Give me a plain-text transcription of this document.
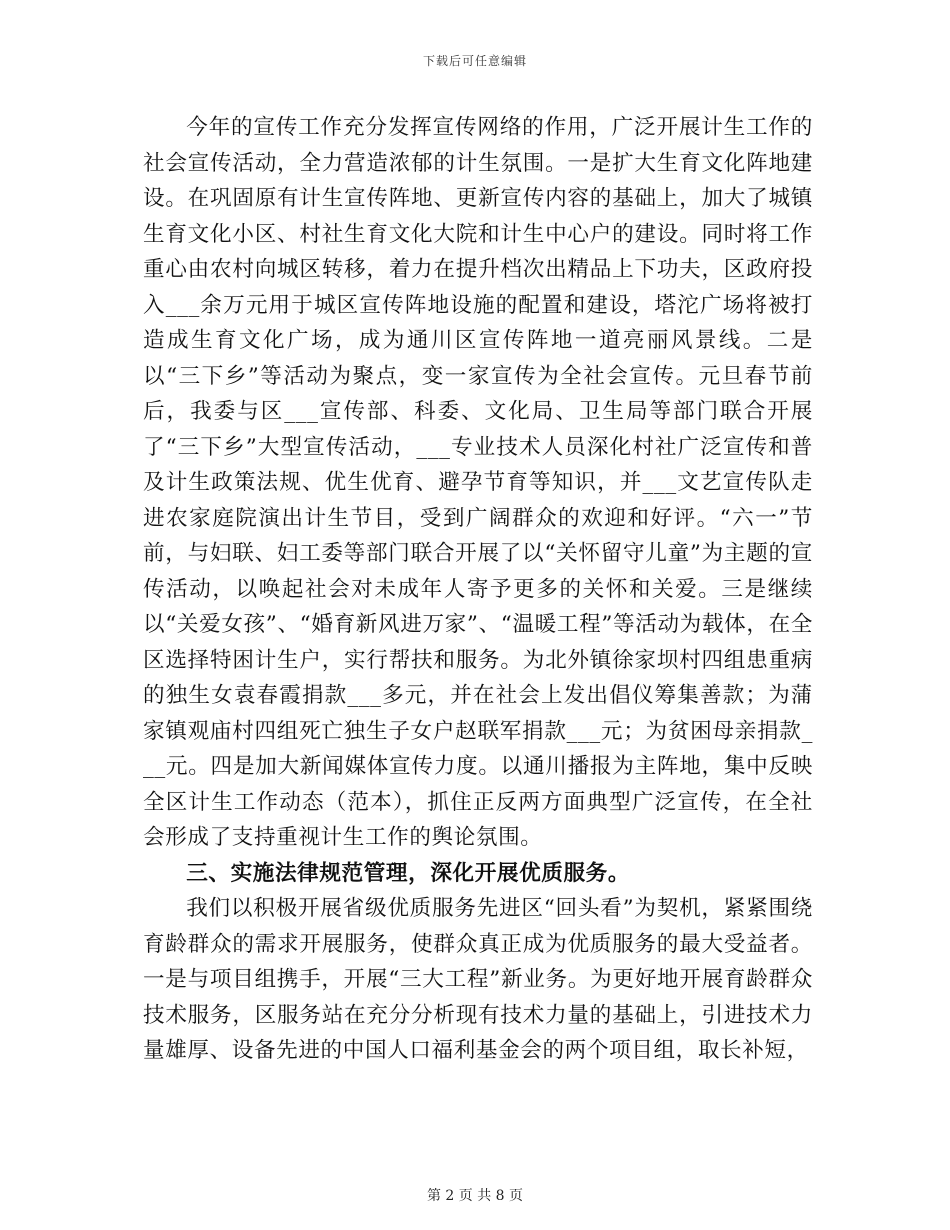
下载后可任意编辑

今年的宣传工作充分发挥宣传网络的作用，广泛开展计生工作的社会宣传活动，全力营造浓郁的计生氛围。一是扩大生育文化阵地建设。在巩固原有计生宣传阵地、更新宣传内容的基础上，加大了城镇生育文化小区、村社生育文化大院和计生中心户的建设。同时将工作重心由农村向城区转移，着力在提升档次出精品上下功夫，区政府投入___余万元用于城区宣传阵地设施的配置和建设，塔沱广场将被打造成生育文化广场，成为通川区宣传阵地一道亮丽风景线。二是以“三下乡”等活动为聚点，变一家宣传为全社会宣传。元旦春节前后，我委与区___宣传部、科委、文化局、卫生局等部门联合开展了“三下乡”大型宣传活动，___专业技术人员深化村社广泛宣传和普及计生政策法规、优生优育、避孕节育等知识，并___文艺宣传队走进农家庭院演出计生节目，受到广阔群众的欢迎和好评。“六一”节前，与妇联、妇工委等部门联合开展了以“关怀留守儿童”为主题的宣传活动，以唤起社会对未成年人寄予更多的关怀和关爱。三是继续以“关爱女孩”、“婚育新风进万家”、“温暖工程”等活动为载体，在全区选择特困计生户，实行帮扶和服务。为北外镇徐家坝村四组患重病的独生女袁春霞捐款___多元，并在社会上发出倡仪筹集善款；为蒲家镇观庙村四组死亡独生子女户赵联军捐款___元；为贫困母亲捐款___元。四是加大新闻媒体宣传力度。以通川播报为主阵地，集中反映全区计生工作动态（范本），抓住正反两方面典型广泛宣传，在全社会形成了支持重视计生工作的舆论氛围。

三、实施法律规范管理，深化开展优质服务。

我们以积极开展省级优质服务先进区“回头看”为契机，紧紧围绕育龄群众的需求开展服务，使群众真正成为优质服务的最大受益者。一是与项目组携手，开展“三大工程”新业务。为更好地开展育龄群众技术服务，区服务站在充分分析现有技术力量的基础上，引进技术力量雄厚、设备先进的中国人口福利基金会的两个项目组，取长补短，

第 2 页 共 8 页
